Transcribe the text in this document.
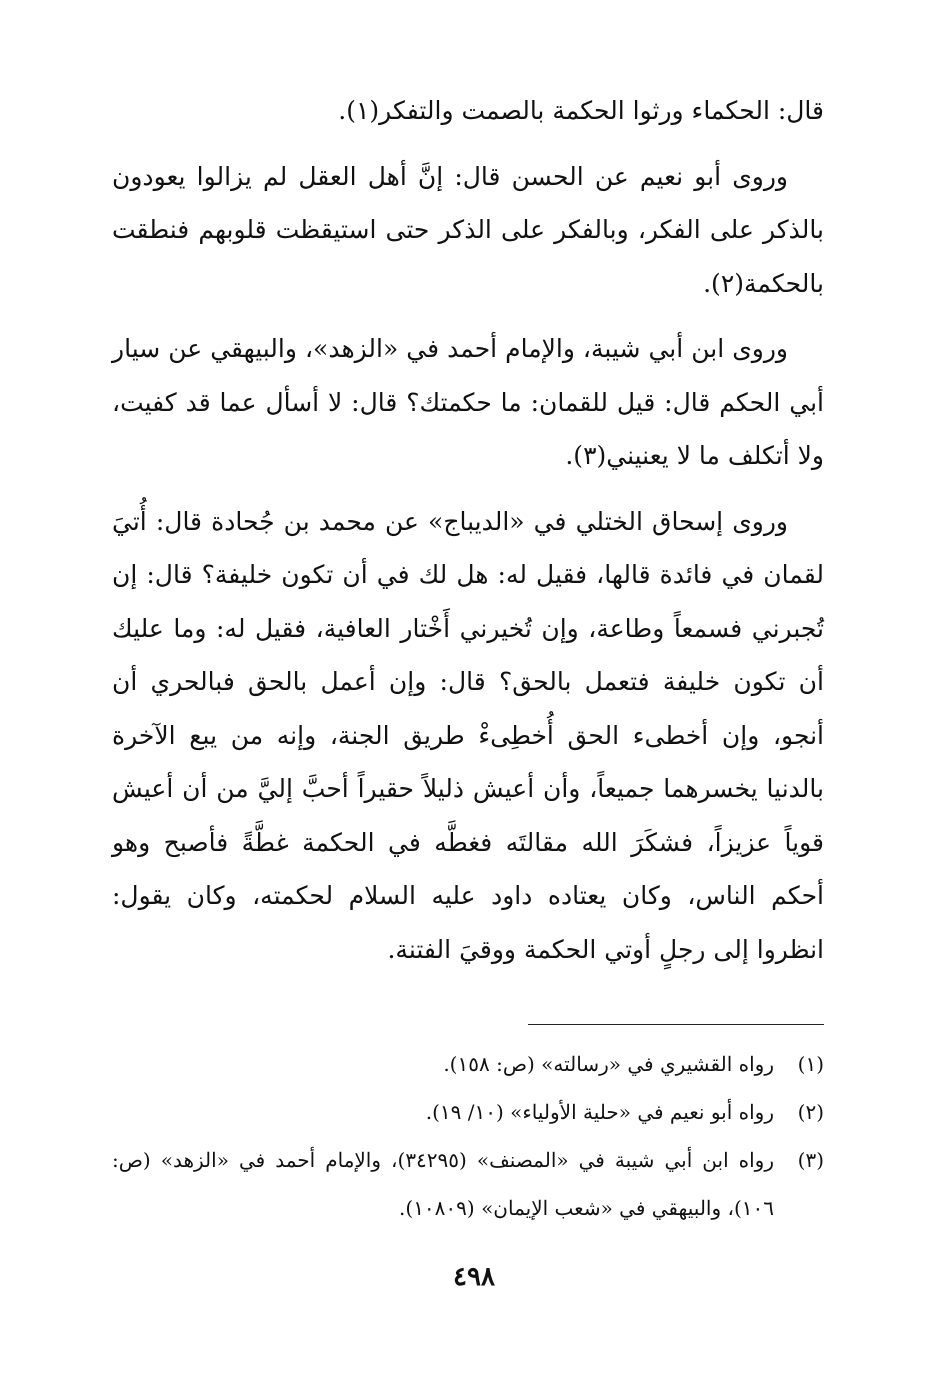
قال: الحكماء ورثوا الحكمة بالصمت والتفكر(١).

وروى أبو نعيم عن الحسن قال: إنَّ أهل العقل لم يزالوا يعودون بالذكر على الفكر، وبالفكر على الذكر حتى استيقظت قلوبهم فنطقت بالحكمة(٢).

وروى ابن أبي شيبة، والإمام أحمد في «الزهد»، والبيهقي عن سيار أبي الحكم قال: قيل للقمان: ما حكمتك؟ قال: لا أسأل عما قد كفيت، ولا أتكلف ما لا يعنيني(٣).

وروى إسحاق الختلي في «الديباج» عن محمد بن جُحادة قال: أُتيَ لقمان في فائدة قالها، فقيل له: هل لك في أن تكون خليفة؟ قال: إن تُجبرني فسمعاً وطاعة، وإن تُخيرني أَخْتار العافية، فقيل له: وما عليك أن تكون خليفة فتعمل بالحق؟ قال: وإن أعمل بالحق فبالحري أن أنجو، وإن أخطىء الحق أُخطِىءْ طريق الجنة، وإنه من يبع الآخرة بالدنيا يخسرهما جميعاً، وأن أعيش ذليلاً حقيراً أحبَّ إليَّ من أن أعيش قوياً عزيزاً، فشكَرَ الله مقالتَه فغطَّه في الحكمة غطَّةً فأصبح وهو أحكم الناس، وكان يعتاده داود عليه السلام لحكمته، وكان يقول: انظروا إلى رجلٍ أوتي الحكمة ووقيَ الفتنة.

(١)
رواه القشيري في «رسالته» (ص: ١٥٨).
(٢)
رواه أبو نعيم في «حلية الأولياء» (١٠/ ١٩).
(٣)
رواه ابن أبي شيبة في «المصنف» (٣٤٢٩٥)، والإمام أحمد في «الزهد» (ص: ١٠٦)، والبيهقي في «شعب الإيمان» (١٠٨٠٩).
٤٩٨
